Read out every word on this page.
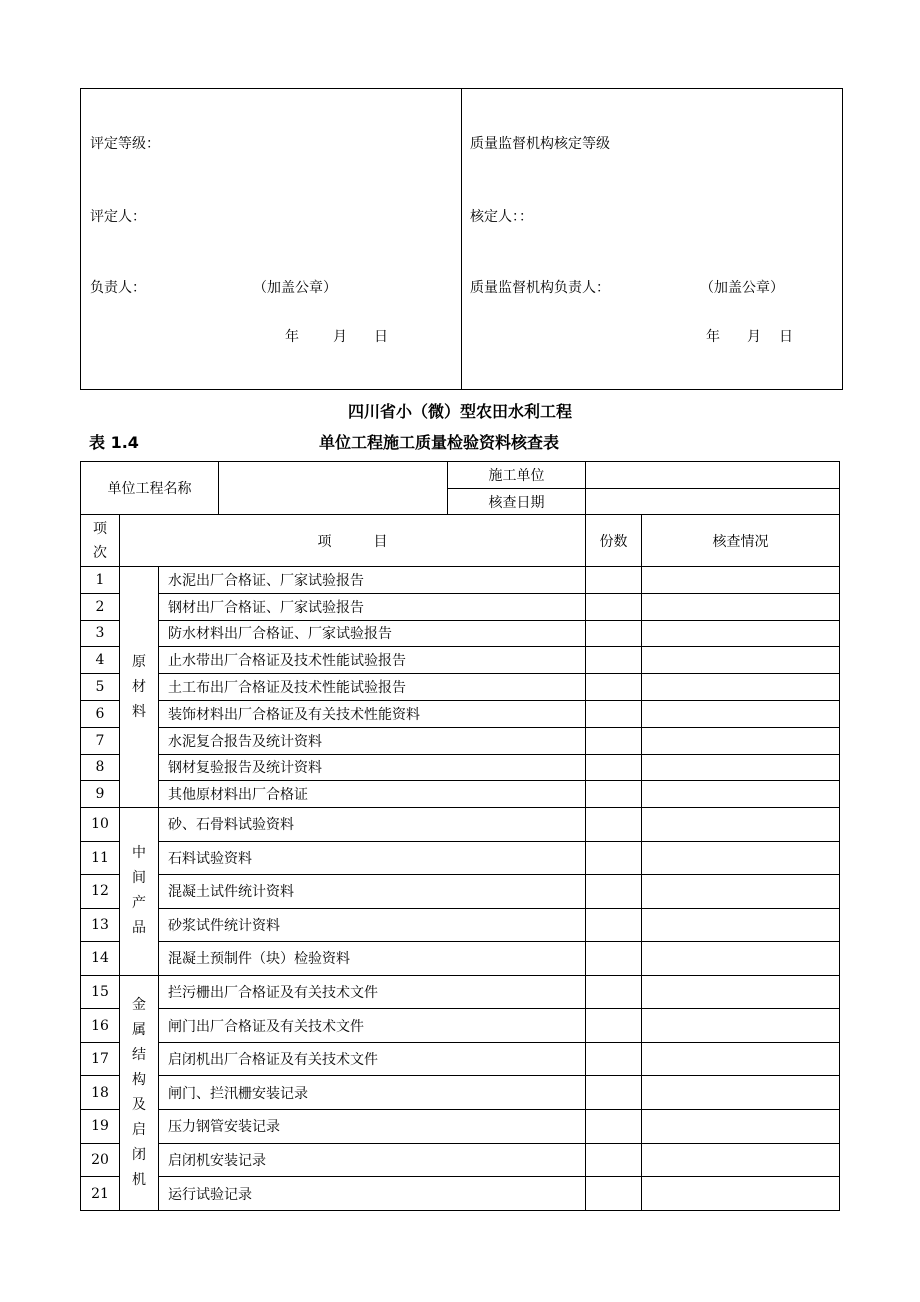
评定等级：
评定人：
负责人：	（加盖公章）
年 月 日
质量监督机构核定等级
核定人：：
质量监督机构负责人：	（加盖公章）
年 月 日
四川省小（微）型农田水利工程
表 1.4	单位工程施工质量检验资料核查表
单位工程名称				施工单位		
				核查日期		
项次	项　　　目				份数	核查情况
1	原材料	水泥出厂合格证、厂家试验报告				
2		钢材出厂合格证、厂家试验报告				
3		防水材料出厂合格证、厂家试验报告				
4		止水带出厂合格证及技术性能试验报告				
5		土工布出厂合格证及技术性能试验报告				
6		装饰材料出厂合格证及有关技术性能资料				
7		水泥复合报告及统计资料				
8		钢材复验报告及统计资料				
9		其他原材料出厂合格证				
10	中间产品	砂、石骨料试验资料				
11		石料试验资料				
12		混凝土试件统计资料				
13		砂浆试件统计资料				
14		混凝土预制件（块）检验资料				
15	金属结构及启闭机	拦污栅出厂合格证及有关技术文件				
16		闸门出厂合格证及有关技术文件				
17		启闭机出厂合格证及有关技术文件				
18		闸门、拦汛栅安装记录				
19		压力钢管安装记录				
20		启闭机安装记录				
21		运行试验记录				
